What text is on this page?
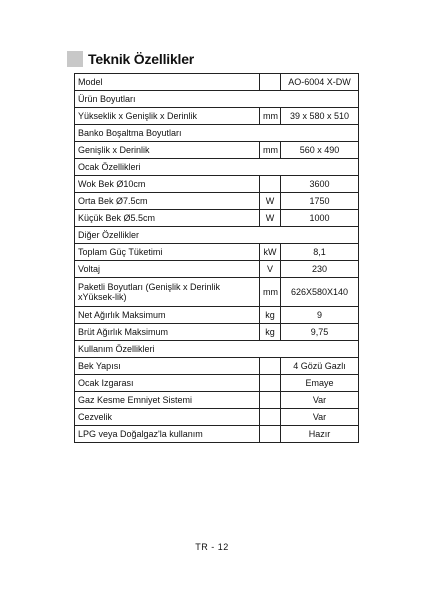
Teknik Özellikler
Model		AO-6004 X-DW
Ürün Boyutları		
Yükseklik x Genişlik x Derinlik	mm	39 x 580 x 510
Banko Boşaltma Boyutları		
Genişlik x Derinlik	mm	560 x 490
Ocak Özellikleri		
Wok Bek Ø10cm		3600
Orta Bek Ø7.5cm	W	1750
Küçük Bek Ø5.5cm	W	1000
Diğer Özellikler		
Toplam Güç Tüketimi	kW	8,1
Voltaj	V	230
Paketli Boyutları (Genişlik x Derinlik xYüksek-lik)	mm	626X580X140
Net Ağırlık Maksimum	kg	9
Brüt Ağırlık Maksimum	kg	9,75
Kullanım Özellikleri		
Bek Yapısı		4 Gözü Gazlı
Ocak Izgarası		Emaye
Gaz Kesme Emniyet Sistemi		Var
Cezvelik		Var
LPG veya Doğalgaz'la kullanım		Hazır
TR - 12
